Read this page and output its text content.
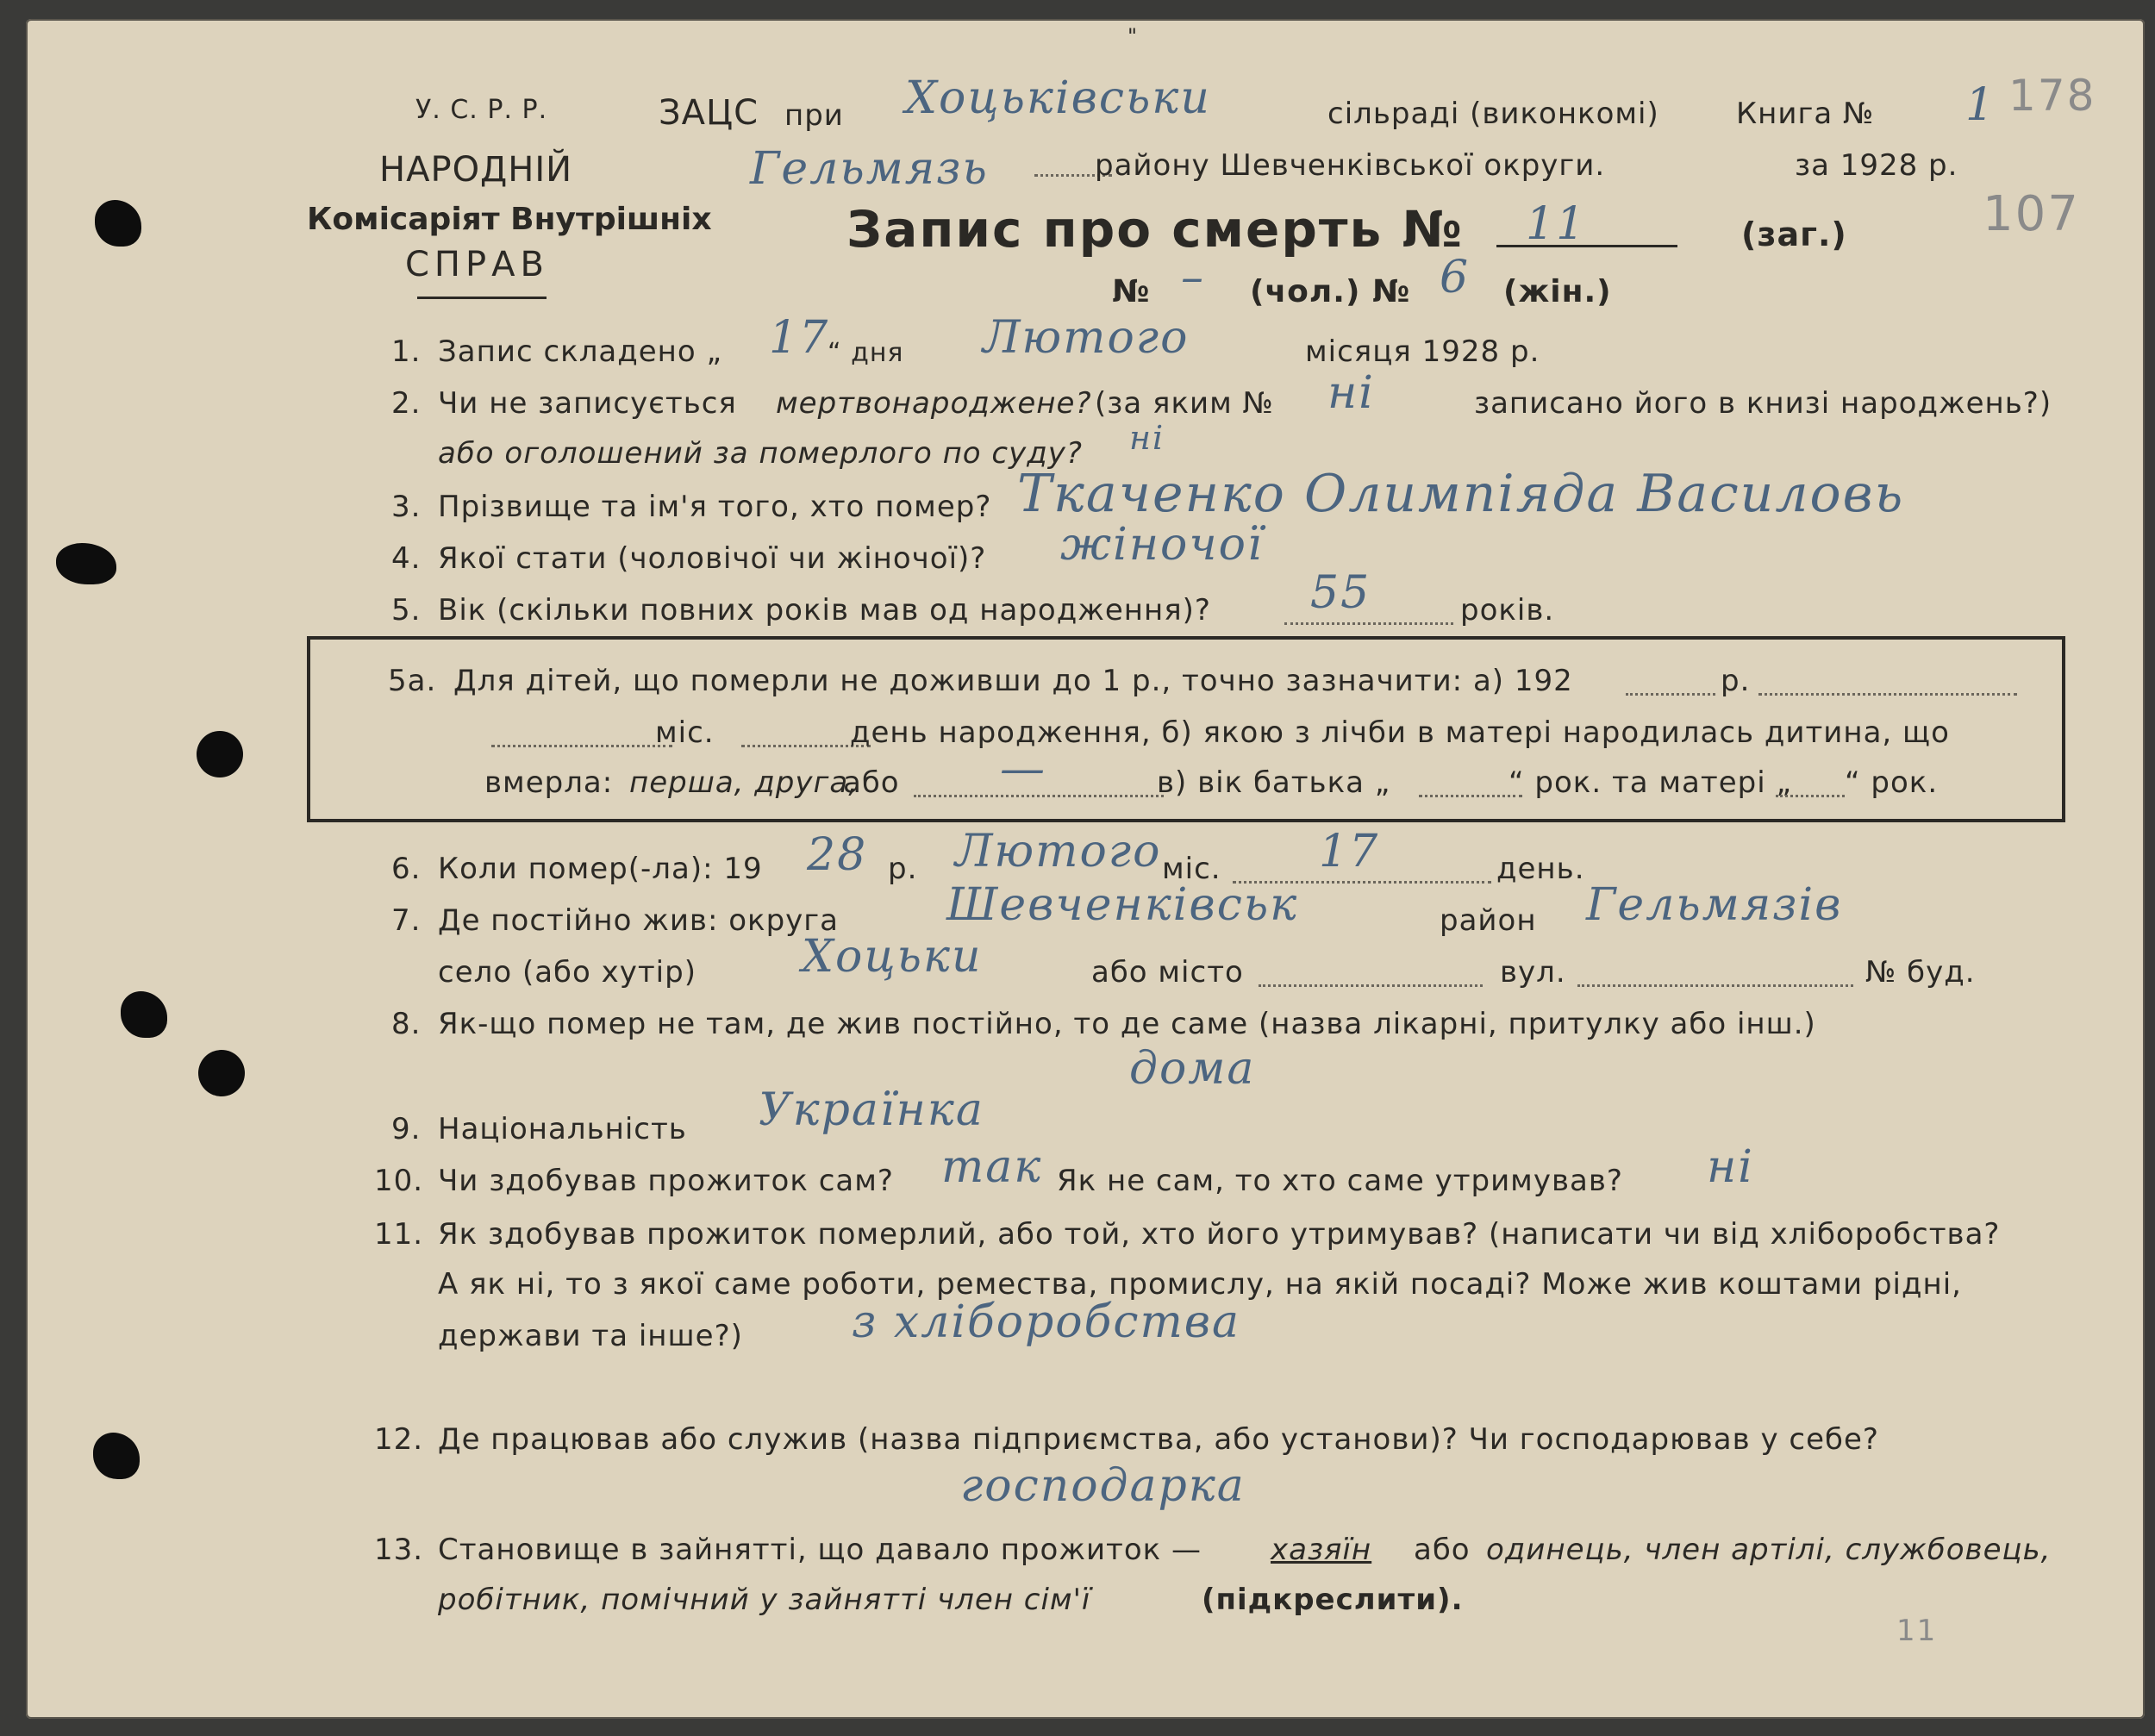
"
У. С. Р. Р.
НАРОДНІЙ
Комісаріят Внутрішніх
СПРАВ
ЗАЦС при Хоцьківськи	сільраді (виконкомі)	Книга № 1 178
107
Гельмязь	району Шевченківської округи.	за 1928 р.
Запис про смерть № 11	(заг.)
№ – (чол.) № 6 (жін.)
1. Запис складено „ 17
“ дня Лютого	місяця 1928 р.
2. Чи не записується мертвонароджене? (за яким № ні	записано його в книзі народжень?)
або оголошений за померлого по суду? ні
3. Прізвище та ім'я того, хто помер? Ткаченко Олимпіяда Василовь
4. Якої стати (чоловічої чи жіночої)? жіночої
5. Вік (скільки повних років мав од народження)? 55	років.
5а. Для дітей, що померли не доживши до 1 р., точно зазначити: а) 192	р.
міс.	день народження, б) якою з лічби в матері народилась дитина, що
вмерла: перша, друга,
або —	в) вік батька „	“ рок. та матері „ “ рок.
6. Коли помер(-ла): 19 28 р. Лютого міс. 17	день.
7. Де постійно жив: округа Шевченківськ	район Гельмязів
село (або хутір) Хоцьки	або місто	вул.	№ буд.
8. Як-що помер не там, де жив постійно, то де саме (назва лікарні, притулку або інш.)
дома
9. Національність Українка
10. Чи здобував прожиток сам? так Як не сам, то хто саме утримував? ні
11. Як здобував прожиток померлий, або той, хто його утримував? (написати чи від хліборобства?
А як ні, то з якої саме роботи, ремества, промислу, на якій посаді? Може жив коштами рідні,
держави та інше?) з хліборобства
12. Де працював або служив (назва підприємства, або установи)? Чи господарював у себе?
господарка
13. Становище в зайнятті, що давало прожиток — хазяїн або одинець, член артілі, службовець,
робітник, помічний у зайнятті член сім'ї	(підкреслити).
11
